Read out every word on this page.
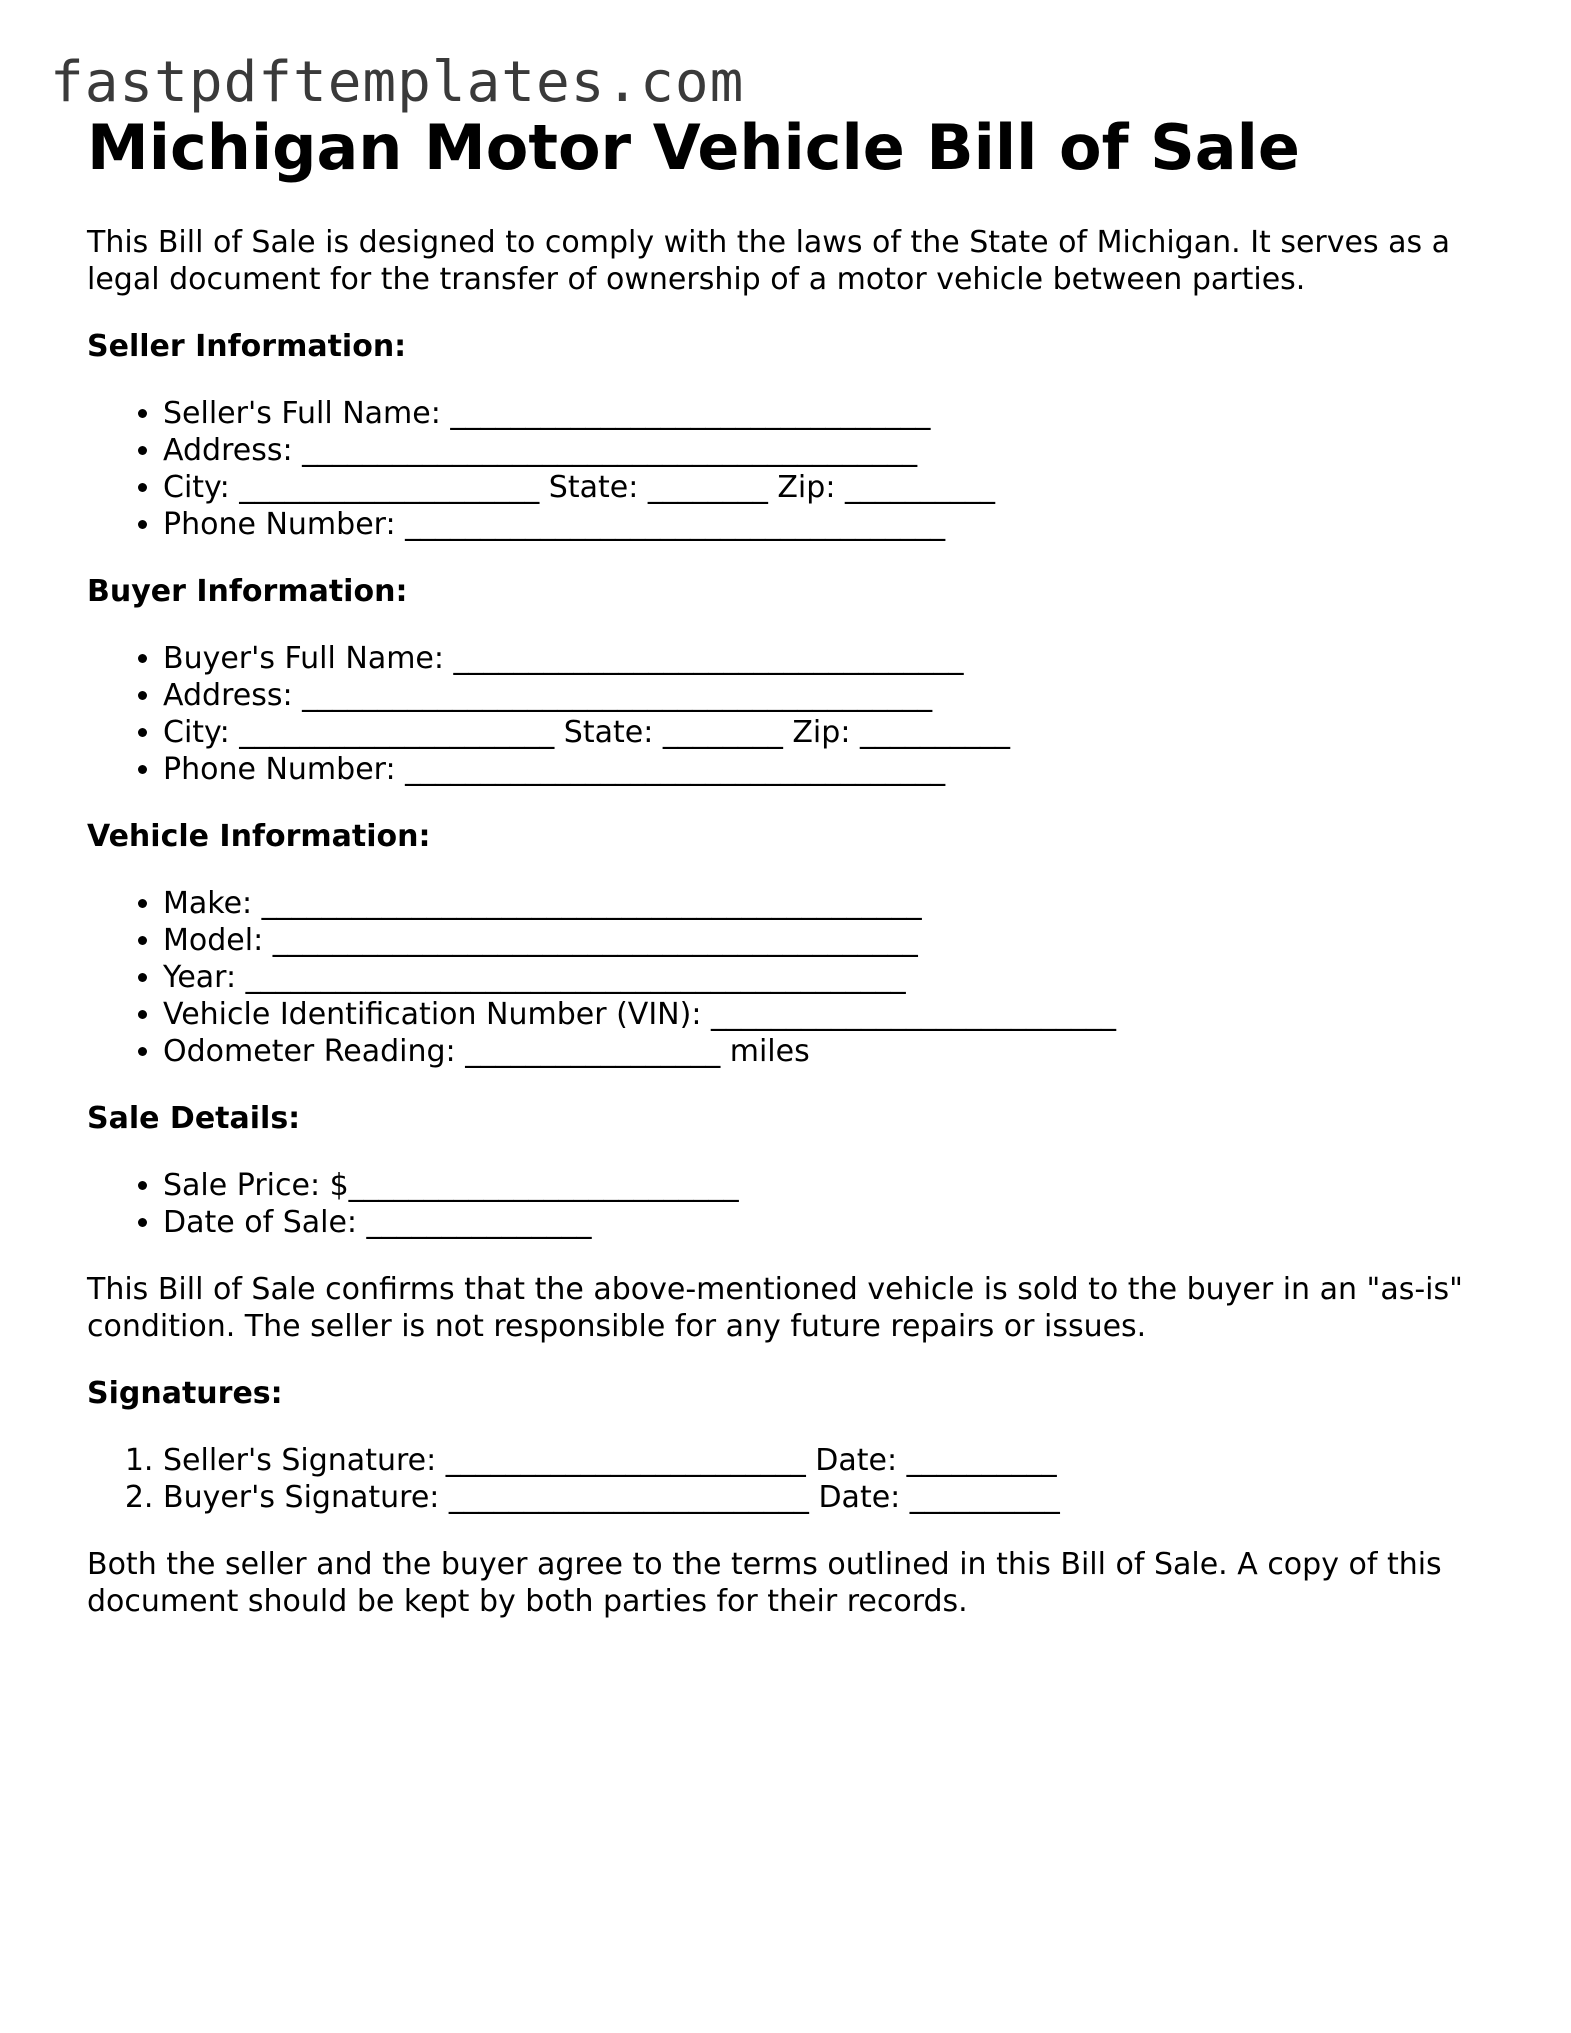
fastpdftemplates.com
Michigan Motor Vehicle Bill of Sale

This Bill of Sale is designed to comply with the laws of the State of Michigan. It serves as a legal document for the transfer of ownership of a motor vehicle between parties.

Seller Information:
• Seller's Full Name: ________________________________
• Address: _________________________________________
• City: ____________________ State: ________ Zip: __________
• Phone Number: ____________________________________
Buyer Information:
• Buyer's Full Name: __________________________________
• Address: __________________________________________
• City: _____________________ State: ________ Zip: __________
• Phone Number: ____________________________________
Vehicle Information:
• Make: ____________________________________________
• Model: ___________________________________________
• Year: ____________________________________________
• Vehicle Identification Number (VIN): ___________________________
• Odometer Reading: _________________ miles
Sale Details:
• Sale Price: $__________________________
• Date of Sale: _______________

This Bill of Sale confirms that the above-mentioned vehicle is sold to the buyer in an "as-is" condition. The seller is not responsible for any future repairs or issues.

Signatures:
1. Seller's Signature: ________________________ Date: __________
2. Buyer's Signature: ________________________ Date: __________

Both the seller and the buyer agree to the terms outlined in this Bill of Sale. A copy of this document should be kept by both parties for their records.
